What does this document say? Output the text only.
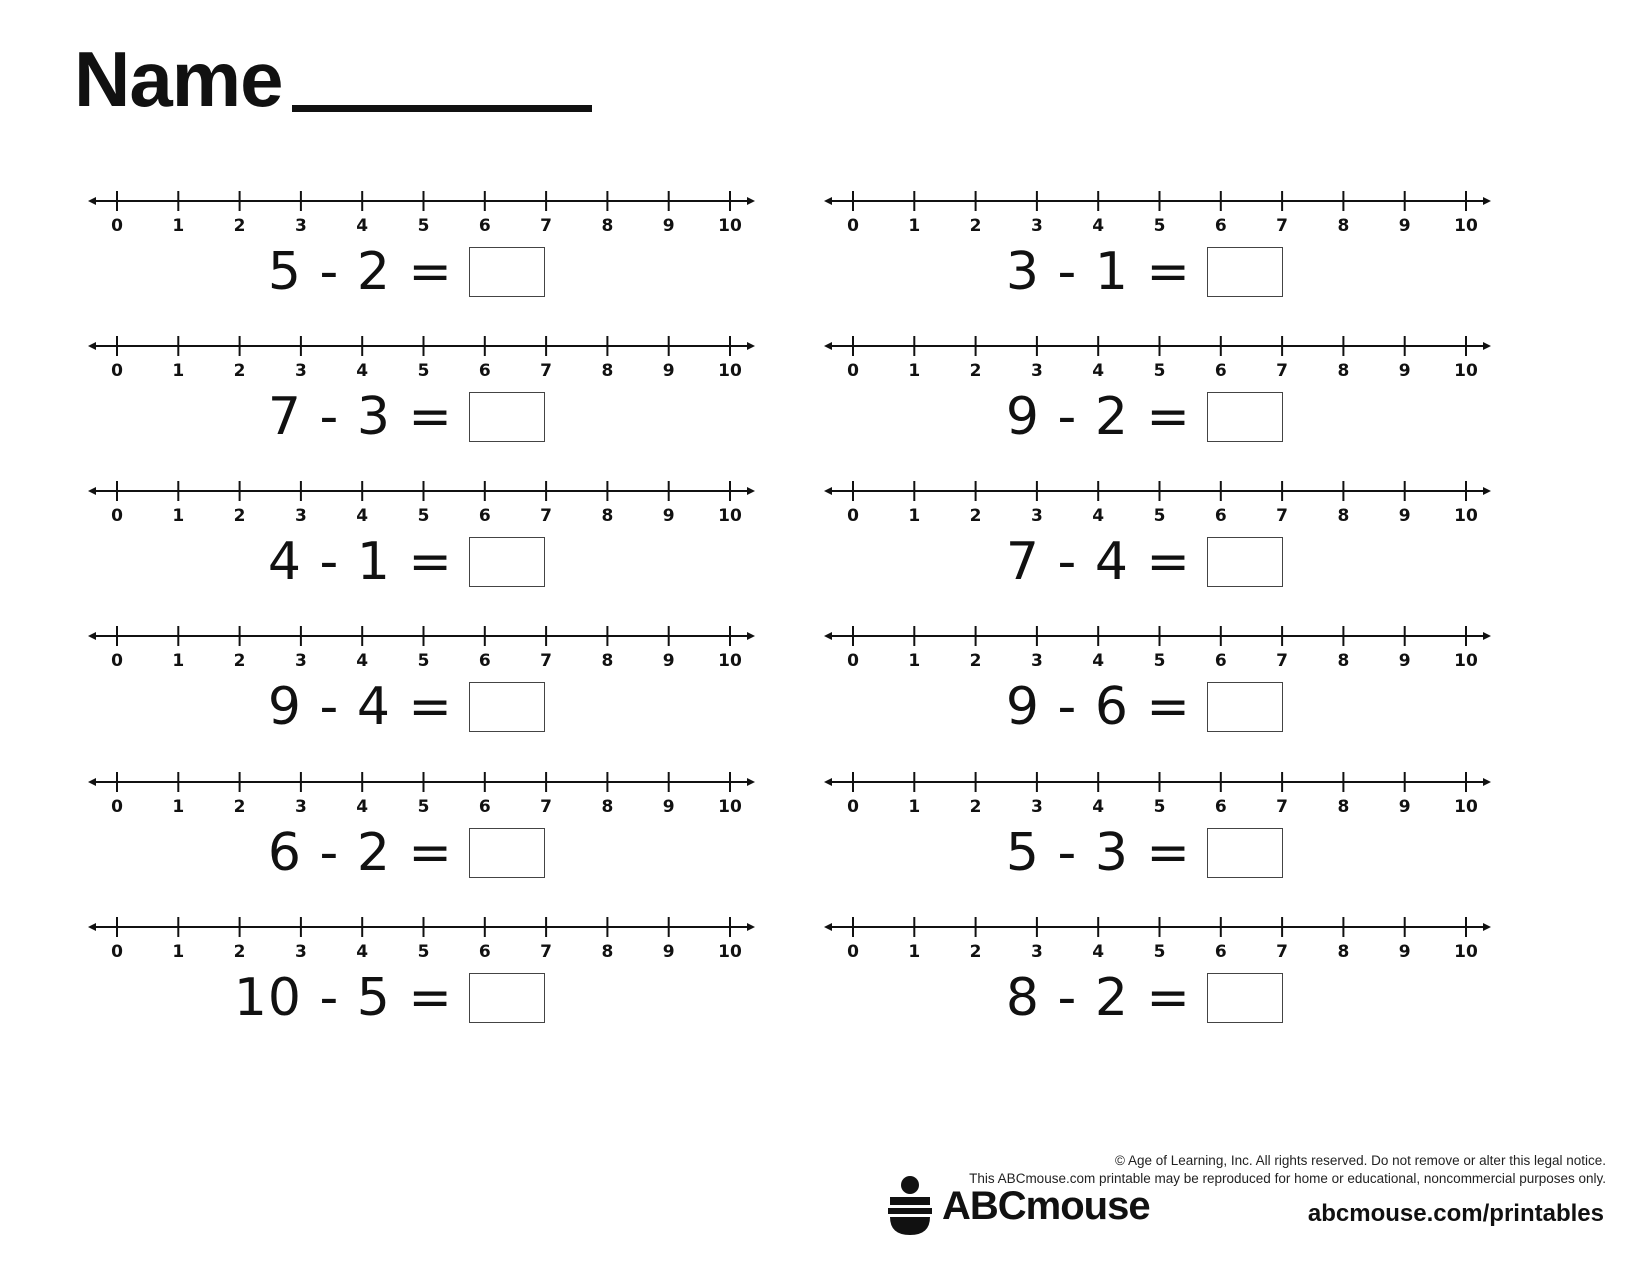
Name
0	1	2	3	4	5	6	7	8	9	10
5 - 2 =
0	1	2	3	4	5	6	7	8	9	10
3 - 1 =
0	1	2	3	4	5	6	7	8	9	10
7 - 3 =
0	1	2	3	4	5	6	7	8	9	10
9 - 2 =
0	1	2	3	4	5	6	7	8	9	10
4 - 1 =
0	1	2	3	4	5	6	7	8	9	10
7 - 4 =
0	1	2	3	4	5	6	7	8	9	10
9 - 4 =
0	1	2	3	4	5	6	7	8	9	10
9 - 6 =
0	1	2	3	4	5	6	7	8	9	10
6 - 2 =
0	1	2	3	4	5	6	7	8	9	10
5 - 3 =
0	1	2	3	4	5	6	7	8	9	10
10 - 5 =
0	1	2	3	4	5	6	7	8	9	10
8 - 2 =
© Age of Learning, Inc. All rights reserved. Do not remove or alter this legal notice.
This ABCmouse.com printable may be reproduced for home or educational, noncommercial purposes only.
ABCmouse	abcmouse.com/printables
